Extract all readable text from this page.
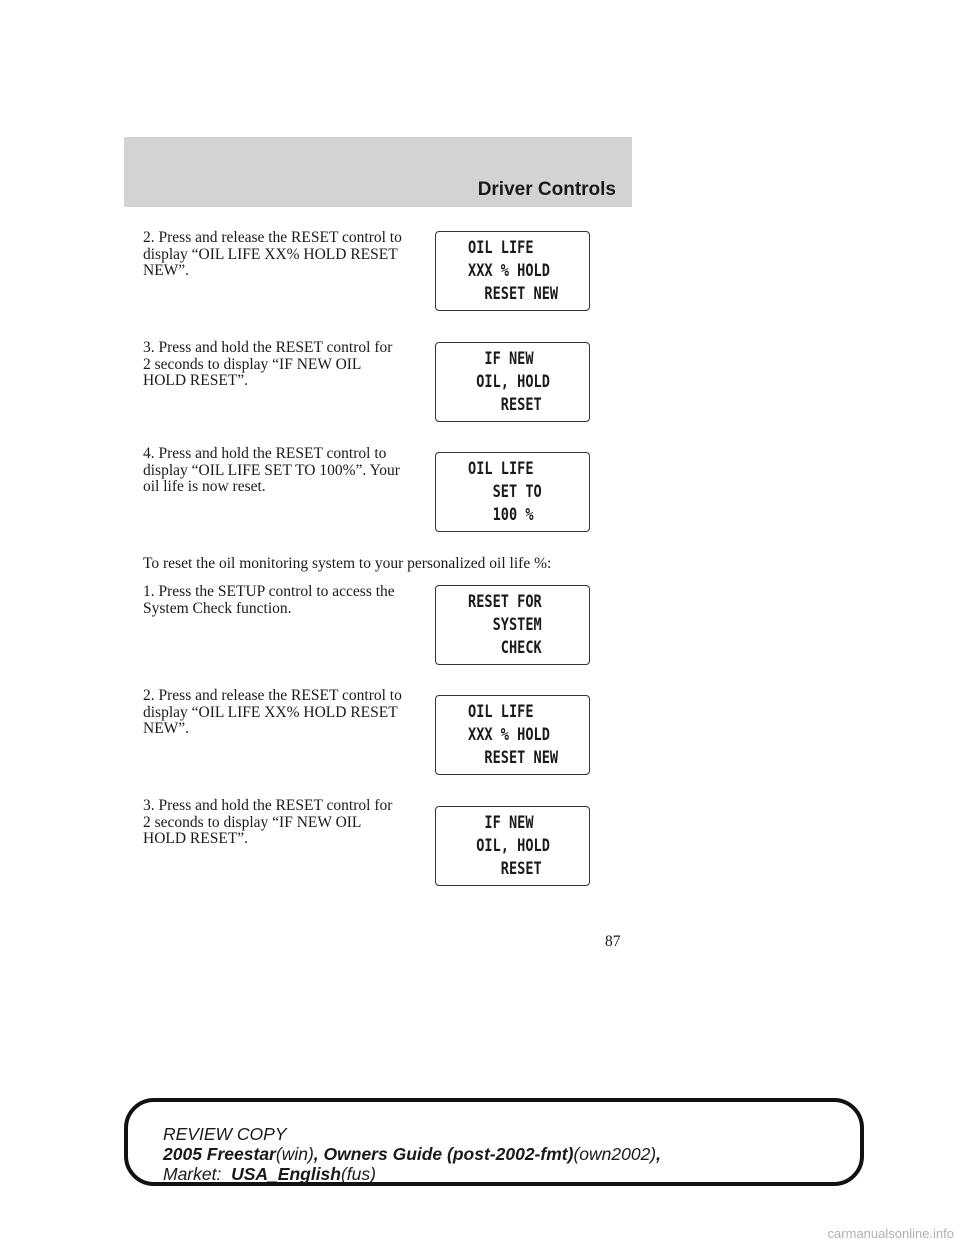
Driver Controls
2. Press and release the RESET control to display “OIL LIFE XX% HOLD RESET NEW”.
OIL LIFE
XXX % HOLD
RESET NEW
3. Press and hold the RESET control for 2 seconds to display “IF NEW OIL HOLD RESET”.
IF NEW
OIL, HOLD
RESET
4. Press and hold the RESET control to display “OIL LIFE SET TO 100%”. Your oil life is now reset.
OIL LIFE
SET TO
100 %
To reset the oil monitoring system to your personalized oil life %:
1. Press the SETUP control to access the System Check function.	RESET FOR
SYSTEM
CHECK
2. Press and release the RESET control to display “OIL LIFE XX% HOLD RESET NEW”.
OIL LIFE
XXX % HOLD
RESET NEW
3. Press and hold the RESET control for 2 seconds to display “IF NEW OIL HOLD RESET”.
IF NEW
OIL, HOLD
RESET
87
REVIEW COPY
2005 Freestar(win), Owners Guide (post-2002-fmt)(own2002),
Market: USA_English(fus)
carmanualsonline.info
